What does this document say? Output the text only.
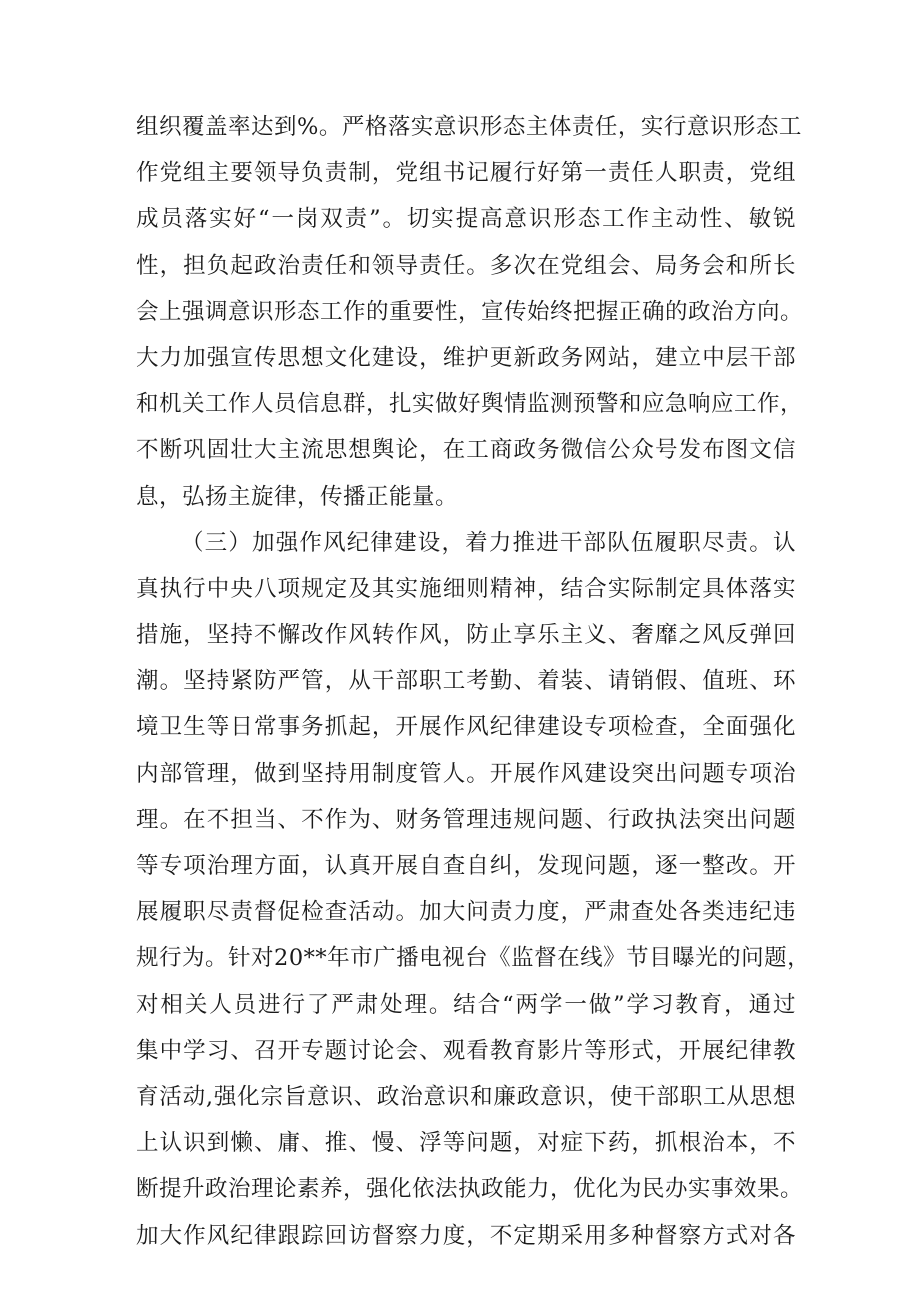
组织覆盖率达到%。严格落实意识形态主体责任，实行意识形态工
作党组主要领导负责制，党组书记履行好第一责任人职责，党组
成员落实好“一岗双责”。切实提高意识形态工作主动性、敏锐
性，担负起政治责任和领导责任。多次在党组会、局务会和所长
会上强调意识形态工作的重要性，宣传始终把握正确的政治方向。
大力加强宣传思想文化建设，维护更新政务网站，建立中层干部
和机关工作人员信息群，扎实做好舆情监测预警和应急响应工作，
不断巩固壮大主流思想舆论，在工商政务微信公众号发布图文信
息，弘扬主旋律，传播正能量。
（三）加强作风纪律建设，着力推进干部队伍履职尽责。认
真执行中央八项规定及其实施细则精神，结合实际制定具体落实
措施，坚持不懈改作风转作风，防止享乐主义、奢靡之风反弹回
潮。坚持紧防严管，从干部职工考勤、着装、请销假、值班、环
境卫生等日常事务抓起，开展作风纪律建设专项检查，全面强化
内部管理，做到坚持用制度管人。开展作风建设突出问题专项治
理。在不担当、不作为、财务管理违规问题、行政执法突出问题
等专项治理方面，认真开展自查自纠，发现问题，逐一整改。开
展履职尽责督促检查活动。加大问责力度，严肃查处各类违纪违
规行为。针对20**年市广播电视台《监督在线》节目曝光的问题，
对相关人员进行了严肃处理。结合“两学一做”学习教育，通过
集中学习、召开专题讨论会、观看教育影片等形式，开展纪律教
育活动,强化宗旨意识、政治意识和廉政意识，使干部职工从思想
上认识到懒、庸、推、慢、浮等问题，对症下药，抓根治本，不
断提升政治理论素养，强化依法执政能力，优化为民办实事效果。
加大作风纪律跟踪回访督察力度，不定期采用多种督察方式对各
